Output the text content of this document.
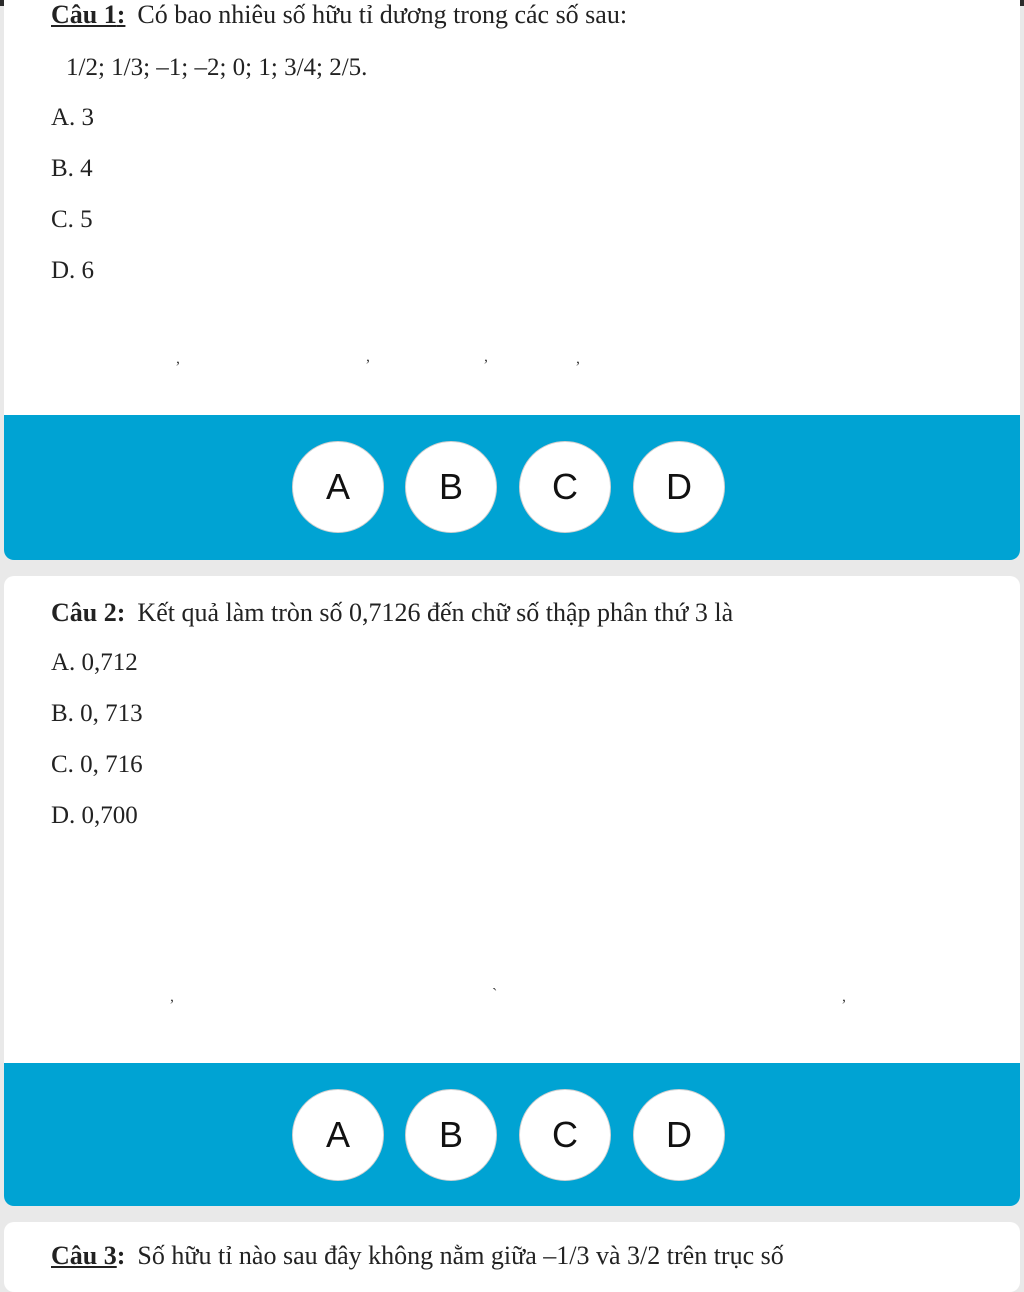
Câu 1: Có bao nhiêu số hữu tỉ dương trong các số sau:
1/2; 1/3; –1; –2; 0; 1; 3/4; 2/5.
A. 3
B. 4
C. 5
D. 6
,	,	,	,
A	B	C	D
Câu 2: Kết quả làm tròn số 0,7126 đến chữ số thập phân thứ 3 là
A. 0,712
B. 0, 713
C. 0, 716
D. 0,700
,	`	,
A	B	C	D
Câu 3: Số hữu tỉ nào sau đây không nằm giữa –1/3 và 3/2 trên trục số
